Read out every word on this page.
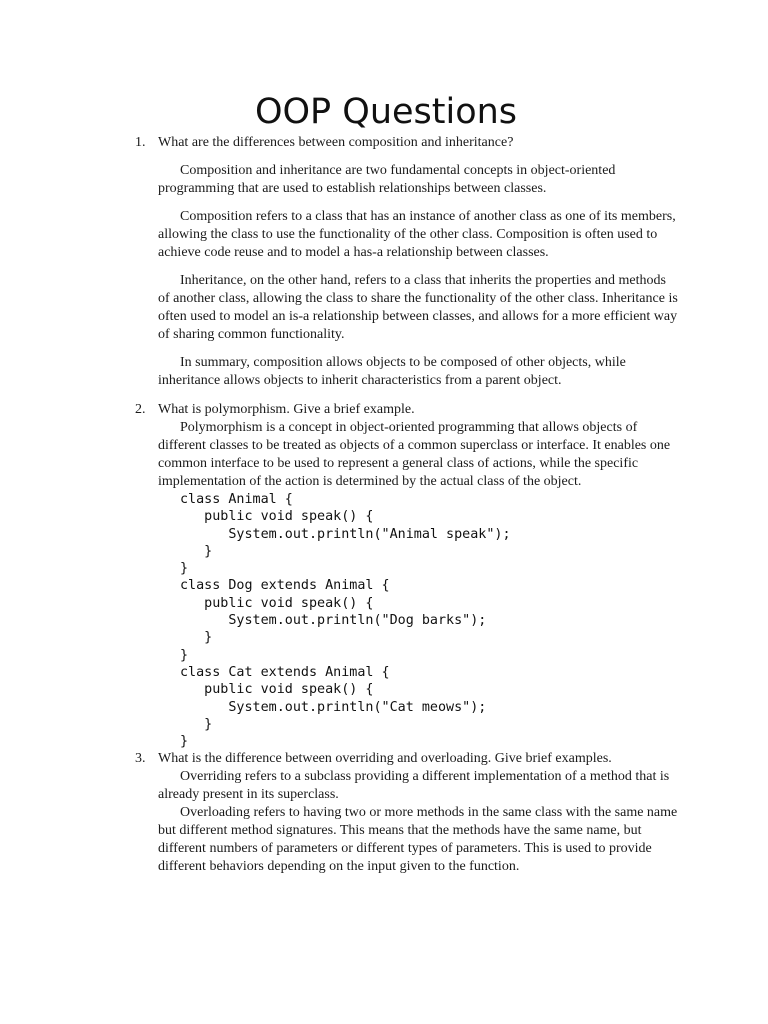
OOP Questions
1. What are the differences between composition and inheritance?

Composition and inheritance are two fundamental concepts in object-oriented programming that are used to establish relationships between classes.

Composition refers to a class that has an instance of another class as one of its members, allowing the class to use the functionality of the other class. Composition is often used to achieve code reuse and to model a has-a relationship between classes.

Inheritance, on the other hand, refers to a class that inherits the properties and methods of another class, allowing the class to share the functionality of the other class. Inheritance is often used to model an is-a relationship between classes, and allows for a more efficient way of sharing common functionality.

In summary, composition allows objects to be composed of other objects, while inheritance allows objects to inherit characteristics from a parent object.

2. What is polymorphism. Give a brief example.

Polymorphism is a concept in object-oriented programming that allows objects of different classes to be treated as objects of a common superclass or interface. It enables one common interface to be used to represent a general class of actions, while the specific implementation of the action is determined by the actual class of the object.

class Animal {
public void speak() {
System.out.println("Animal speak");
}
}
class Dog extends Animal {
public void speak() {
System.out.println("Dog barks");
}
}
class Cat extends Animal {
public void speak() {
System.out.println("Cat meows");
}
}
3. What is the difference between overriding and overloading. Give brief examples.

Overriding refers to a subclass providing a different implementation of a method that is already present in its superclass.

Overloading refers to having two or more methods in the same class with the same name but different method signatures. This means that the methods have the same name, but different numbers of parameters or different types of parameters. This is used to provide different behaviors depending on the input given to the function.
